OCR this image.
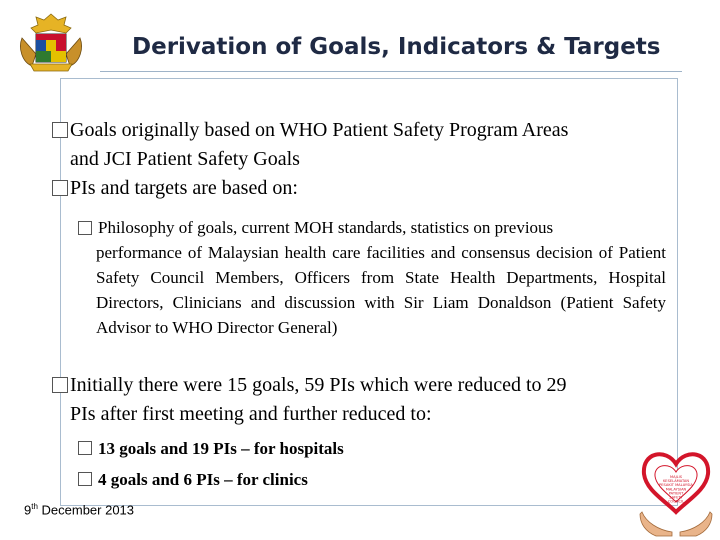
Derivation of Goals, Indicators & Targets
Goals originally based on WHO Patient Safety Program Areas
and JCI Patient Safety Goals
PIs and targets are based on:
Philosophy of goals, current MOH standards, statistics on previous
performance of Malaysian health care facilities and consensus decision of Patient Safety Council Members, Officers from State Health Departments, Hospital Directors, Clinicians and discussion with Sir Liam Donaldson (Patient Safety Advisor to WHO Director General)
Initially there were 15 goals, 59 PIs which were reduced to 29
PIs after first meeting and further reduced to:
13 goals and 19 PIs – for hospitals
4 goals and 6 PIs – for clinics
9th December 2013
MAJLIS
KESELAMATAN
PESAKIT MALAYSIA
MALAYSIAN
PATIENT
SAFETY
COUNCIL
